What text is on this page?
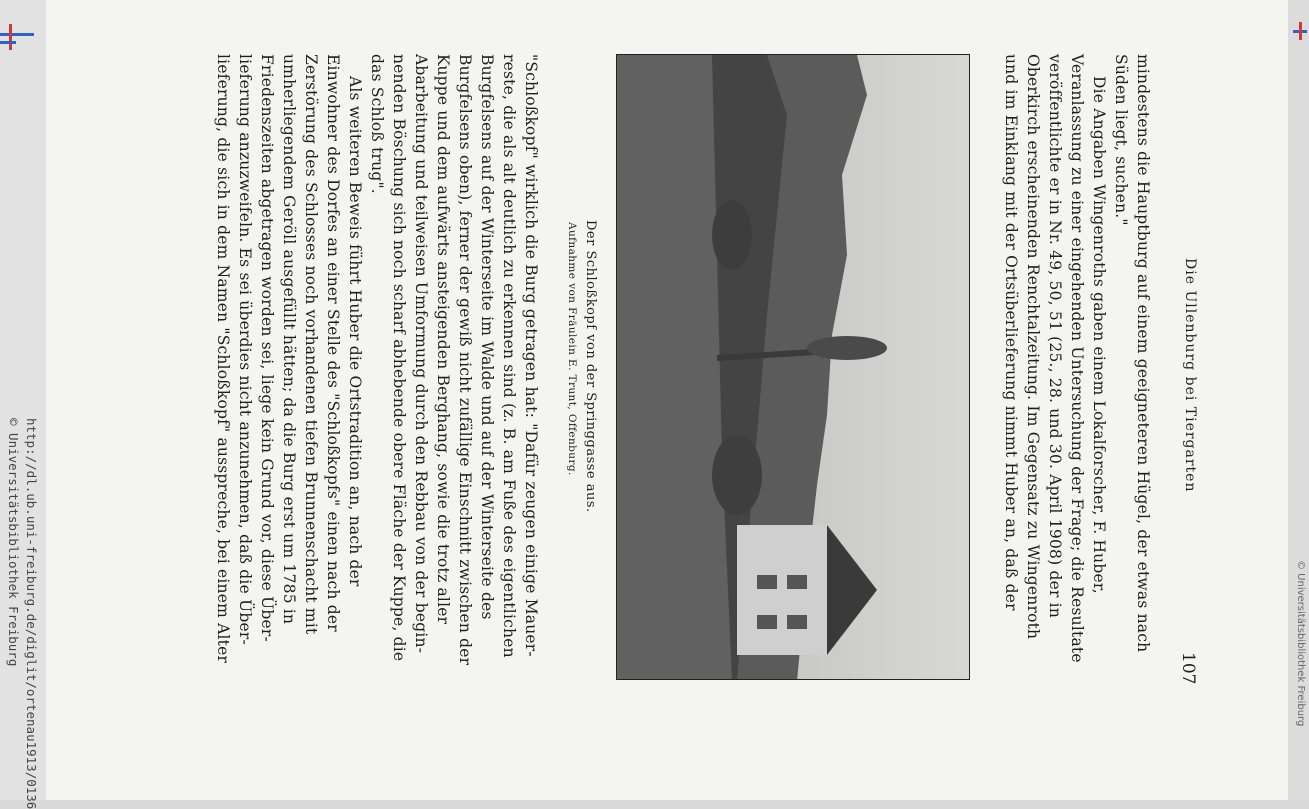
http://dl.ub.uni-freiburg.de/diglit/ortenau1913/0136
© Universitätsbibliothek Freiburg	© Universitätsbibliothek Freiburg
Die Ullenburg bei Tiergarten
107
mindestens die Hauptburg auf einem geeigneteren Hügel, der etwas nach
Süden liegt, suchen."
Die Angaben Wingenroths gaben einem Lokalforscher, F. Huber,
Veranlassung zu einer eingehenden Untersuchung der Frage; die Resultate
veröffentlichte er in Nr. 49, 50, 51 (25., 28. und 30. April 1908) der in
Oberkirch erscheinenden Renchtalzeitung. Im Gegensatz zu Wingenroth
und im Einklang mit der Ortsüberlieferung nimmt Huber an, daß der
Der Schloßkopf von der Springgasse aus.
Aufnahme von Fräulein E. Trunt, Offenburg.
"Schloßkopf" wirklich die Burg getragen hat: "Dafür zeugen einige Mauer-
reste, die als alt deutlich zu erkennen sind (z. B. am Fuße des eigentlichen
Burgfelsens auf der Winterseite im Walde und auf der Winterseite des
Burgfelsens oben), ferner der gewiß nicht zufällige Einschnitt zwischen der
Kuppe und dem aufwärts ansteigenden Berghang, sowie die trotz aller
Abarbeitung und teilweisen Umformung durch den Rebbau von der begin-
nenden Böschung sich noch scharf abhebende obere Fläche der Kuppe, die
das Schloß trug".
Als weiteren Beweis führt Huber die Ortstradition an, nach der
Einwohner des Dorfes an einer Stelle des "Schloßkopfs" einen nach der
Zerstörung des Schlosses noch vorhandenen tiefen Brunnenschacht mit
umherliegendem Geröll ausgefüllt hätten; da die Burg erst um 1785 in
Friedenszeiten abgetragen worden sei, liege kein Grund vor, diese Über-
lieferung anzuzweifeln. Es sei überdies nicht anzunehmen, daß die Über-
lieferung, die sich in dem Namen "Schloßkopf" ausspreche, bei einem Alter
